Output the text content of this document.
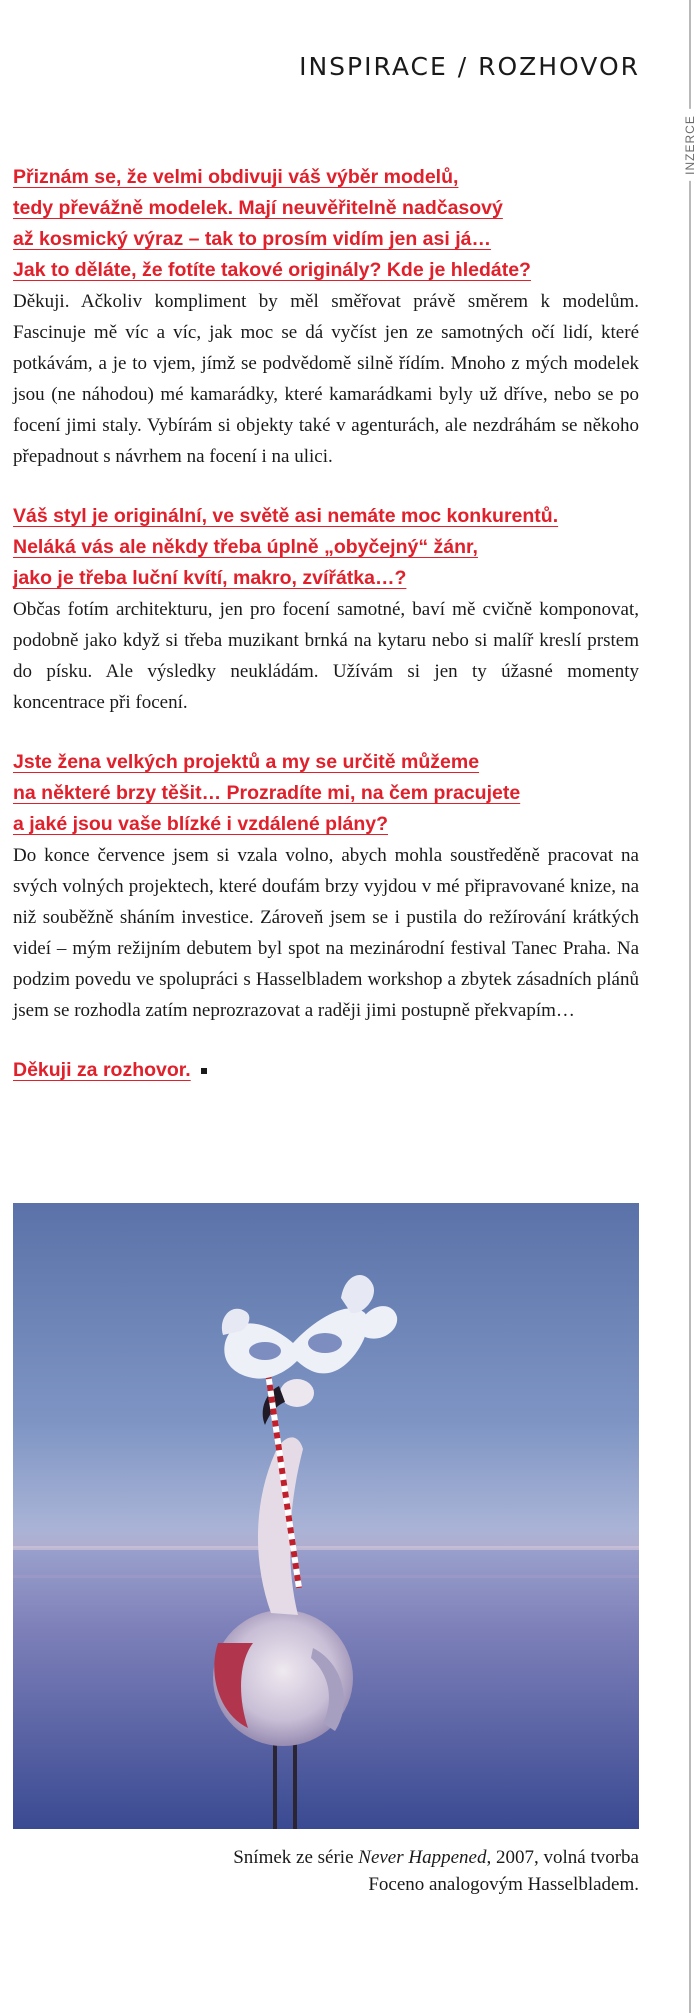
INSPIRACE / ROZHOVOR
INZERCE

Přiznám se, že velmi obdivuji váš výběr modelů,
tedy převážně modelek. Mají neuvěřitelně nadčasový
až kosmický výraz – tak to prosím vidím jen asi já…
Jak to děláte, že fotíte takové originály? Kde je hledáte?

Děkuji. Ačkoliv kompliment by měl směřovat právě směrem k modelům. Fascinuje mě víc a víc, jak moc se dá vyčíst jen ze samotných očí lidí, které potkávám, a je to vjem, jímž se podvědomě silně řídím. Mnoho z mých modelek jsou (ne náhodou) mé kamarádky, které kamarádkami byly už dříve, nebo se po focení jimi staly. Vybírám si objekty také v agenturách, ale nezdráhám se někoho přepadnout s návrhem na focení i na ulici.

Váš styl je originální, ve světě asi nemáte moc konkurentů.
Neláká vás ale někdy třeba úplně „obyčejný“ žánr,
jako je třeba luční kvítí, makro, zvířátka…?

Občas fotím architekturu, jen pro focení samotné, baví mě cvičně komponovat, podobně jako když si třeba muzikant brnká na kytaru nebo si malíř kreslí prstem do písku. Ale výsledky neukládám. Užívám si jen ty úžasné momenty koncentrace při focení.

Jste žena velkých projektů a my se určitě můžeme
na některé brzy těšit… Prozradíte mi, na čem pracujete
a jaké jsou vaše blízké i vzdálené plány?

Do konce července jsem si vzala volno, abych mohla soustředěně pracovat na svých volných projektech, které doufám brzy vyjdou v mé připravované knize, na niž souběžně sháním investice. Zároveň jsem se i pustila do režírování krátkých videí – mým režijním debutem byl spot na mezinárodní festival Tanec Praha. Na podzim povedu ve spolupráci s Hasselbladem workshop a zbytek zásadních plánů jsem se rozhodla zatím neprozrazovat a raději jimi postupně překvapím…

Děkuji za rozhovor.
Snímek ze série Never Happened, 2007, volná tvorba
Foceno analogovým Hasselbladem.
